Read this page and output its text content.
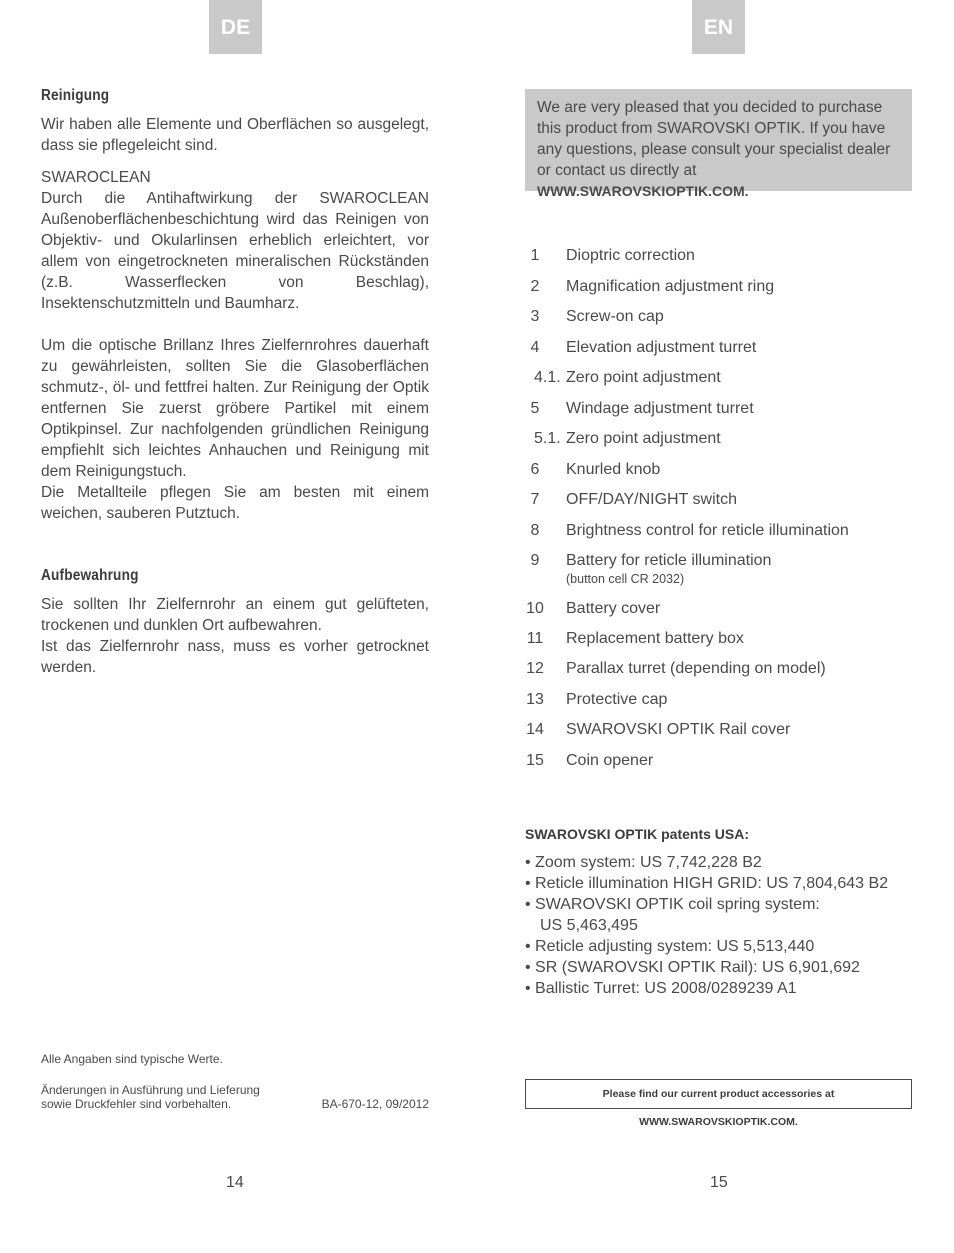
DE
Reinigung

Wir haben alle Elemente und Oberflächen so ausgelegt, dass sie pflegeleicht sind.

SWAROCLEAN

Durch die Antihaftwirkung der SWAROCLEAN Außenoberflächenbeschichtung wird das Reinigen von Objektiv- und Okularlinsen erheblich erleichtert, vor allem von eingetrockneten mineralischen Rückständen (z.B. Wasserflecken von Beschlag), Insektenschutzmitteln und Baumharz.

Um die optische Brillanz Ihres Zielfernrohres dauerhaft zu gewährleisten, sollten Sie die Glasoberflächen schmutz-, öl- und fettfrei halten. Zur Reinigung der Optik entfernen Sie zuerst gröbere Partikel mit einem Optikpinsel. Zur nachfolgenden gründlichen Reinigung empfiehlt sich leichtes Anhauchen und Reinigung mit dem Reinigungstuch.

Die Metallteile pflegen Sie am besten mit einem weichen, sauberen Putztuch.

Aufbewahrung

Sie sollten Ihr Zielfernrohr an einem gut gelüfteten, trockenen und dunklen Ort aufbewahren.

Ist das Zielfernrohr nass, muss es vorher getrocknet werden.

Alle Angaben sind typische Werte.
Änderungen in Ausführung und Lieferung
sowie Druckfehler sind vorbehalten.	BA-670-12, 09/2012
14
EN
We are very pleased that you decided to purchase this product from SWAROVSKI OPTIK. If you have any questions, please consult your specialist dealer or contact us directly at WWW.SWAROVSKIOPTIK.COM.
1	Dioptric correction
2	Magnification adjustment ring
3	Screw-on cap
4	Elevation adjustment turret
4.1. Zero point adjustment
5	Windage adjustment turret
5.1. Zero point adjustment
6	Knurled knob
7	OFF/DAY/NIGHT switch
8	Brightness control for reticle illumination
9	Battery for reticle illumination
(button cell CR 2032)
10	Battery cover
11	Replacement battery box
12	Parallax turret (depending on model)
13	Protective cap
14	SWAROVSKI OPTIK Rail cover
15	Coin opener
SWAROVSKI OPTIK patents USA:
• Zoom system: US 7,742,228 B2
• Reticle illumination HIGH GRID: US 7,804,643 B2
• SWAROVSKI OPTIK coil spring system:
US 5,463,495
• Reticle adjusting system: US 5,513,440
• SR (SWAROVSKI OPTIK Rail): US 6,901,692
• Ballistic Turret: US 2008/0289239 A1
Please find our current product accessories at WWW.SWAROVSKIOPTIK.COM.
15
